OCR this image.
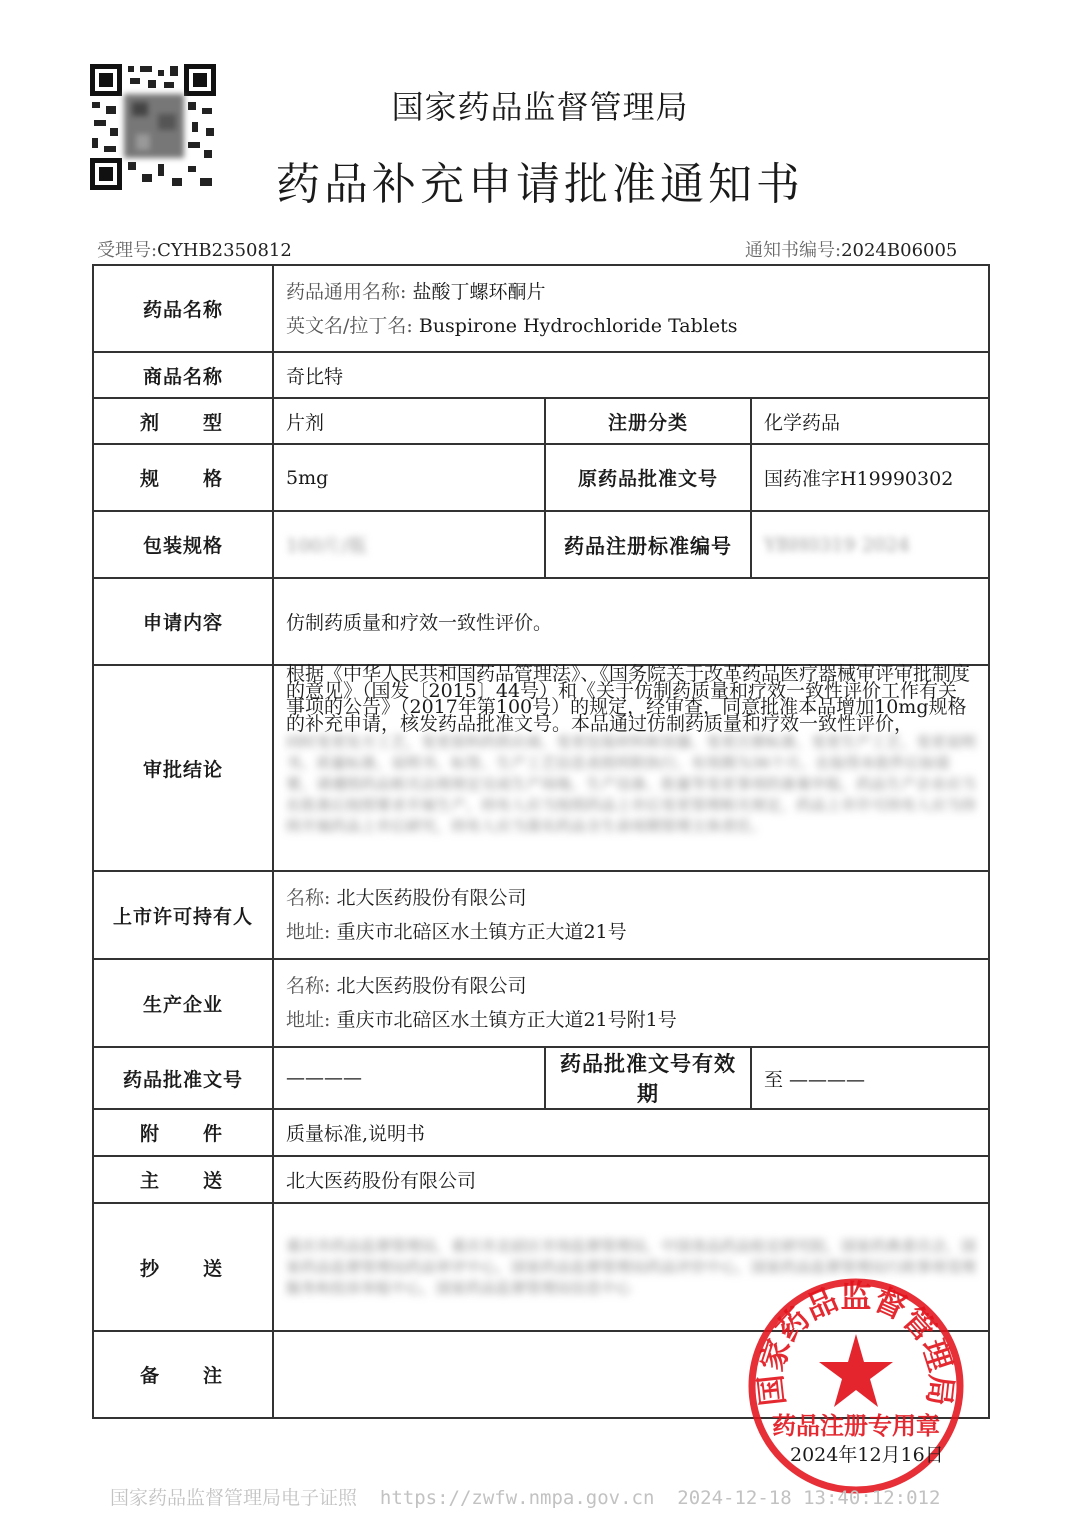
国家药品监督管理局
药品补充申请批准通知书
受理号:CYHB2350812	通知书编号:2024B06005
药品名称	药品通用名称: 盐酸丁螺环酮片
英文名/拉丁名: Buspirone Hydrochloride Tablets		

商品名称	奇比特		

剂 型	片剂	注册分类	化学药品

规 格	5mg	原药品批准文号	国药准字H19990302
包装规格	100片/瓶	药品注册标准编号	YBH0319 2024
申请内容	仿制药质量和疗效一致性评价。		
审批结论	根据《中华人民共和国药品管理法》、《国务院关于改革药品医疗器械审评审批制度的意见》（国发〔2015〕44号）和《关于仿制药质量和疗效一致性评价工作有关事项的公告》（2017年第100号）的规定，经审查，同意批准本品增加10mg规格的补充申请，核发药品批准文号。本品通过仿制药质量和疗效一致性评价，
同时变更处方工艺，变更原料药供应商、变更包装材料和容器、变更注册标准、变更生产工艺、变更说明书。质量标准、说明书、标签、生产工艺信息表照所附执行。有效期为36个月。在取得本批件后如需要，请遵照药品相关法规规定完成生产场地、生产设备、批量等变更事项的备案申报，药品生产企业应当在批准后按照要求开展生产，持有人应当按照药品上市后变更管理相关规定，药品上市许可持有人应当持续开展药品上市后研究，持有人应当落实药品全生命周期管理主体责任。		

上市许可持有人	名称: 北大医药股份有限公司
地址: 重庆市北碚区水土镇方正大道21号		

生产企业	名称: 北大医药股份有限公司
地址: 重庆市北碚区水土镇方正大道21号附1号		

药品批准文号	————	药品批准文号有效期	至 ————

附 件	质量标准,说明书		

主 送	北大医药股份有限公司		

抄 送	重庆市药品监督管理局，重庆市北碚区市场监督管理局，中国食品药品检定研究院，国家药典委员会，国家药品监督管理局药品审评中心，国家药品监督管理局药品评价中心，国家药品监督管理局行政事项受理服务和投诉举报中心，国家药品监督管理局信息中心		

备 注			
		国家药品监督管理局
药品注册专用章
2024年12月16日
国家药品监督管理局电子证照  https://zwfw.nmpa.gov.cn  2024-12-18 13:40:12:012
